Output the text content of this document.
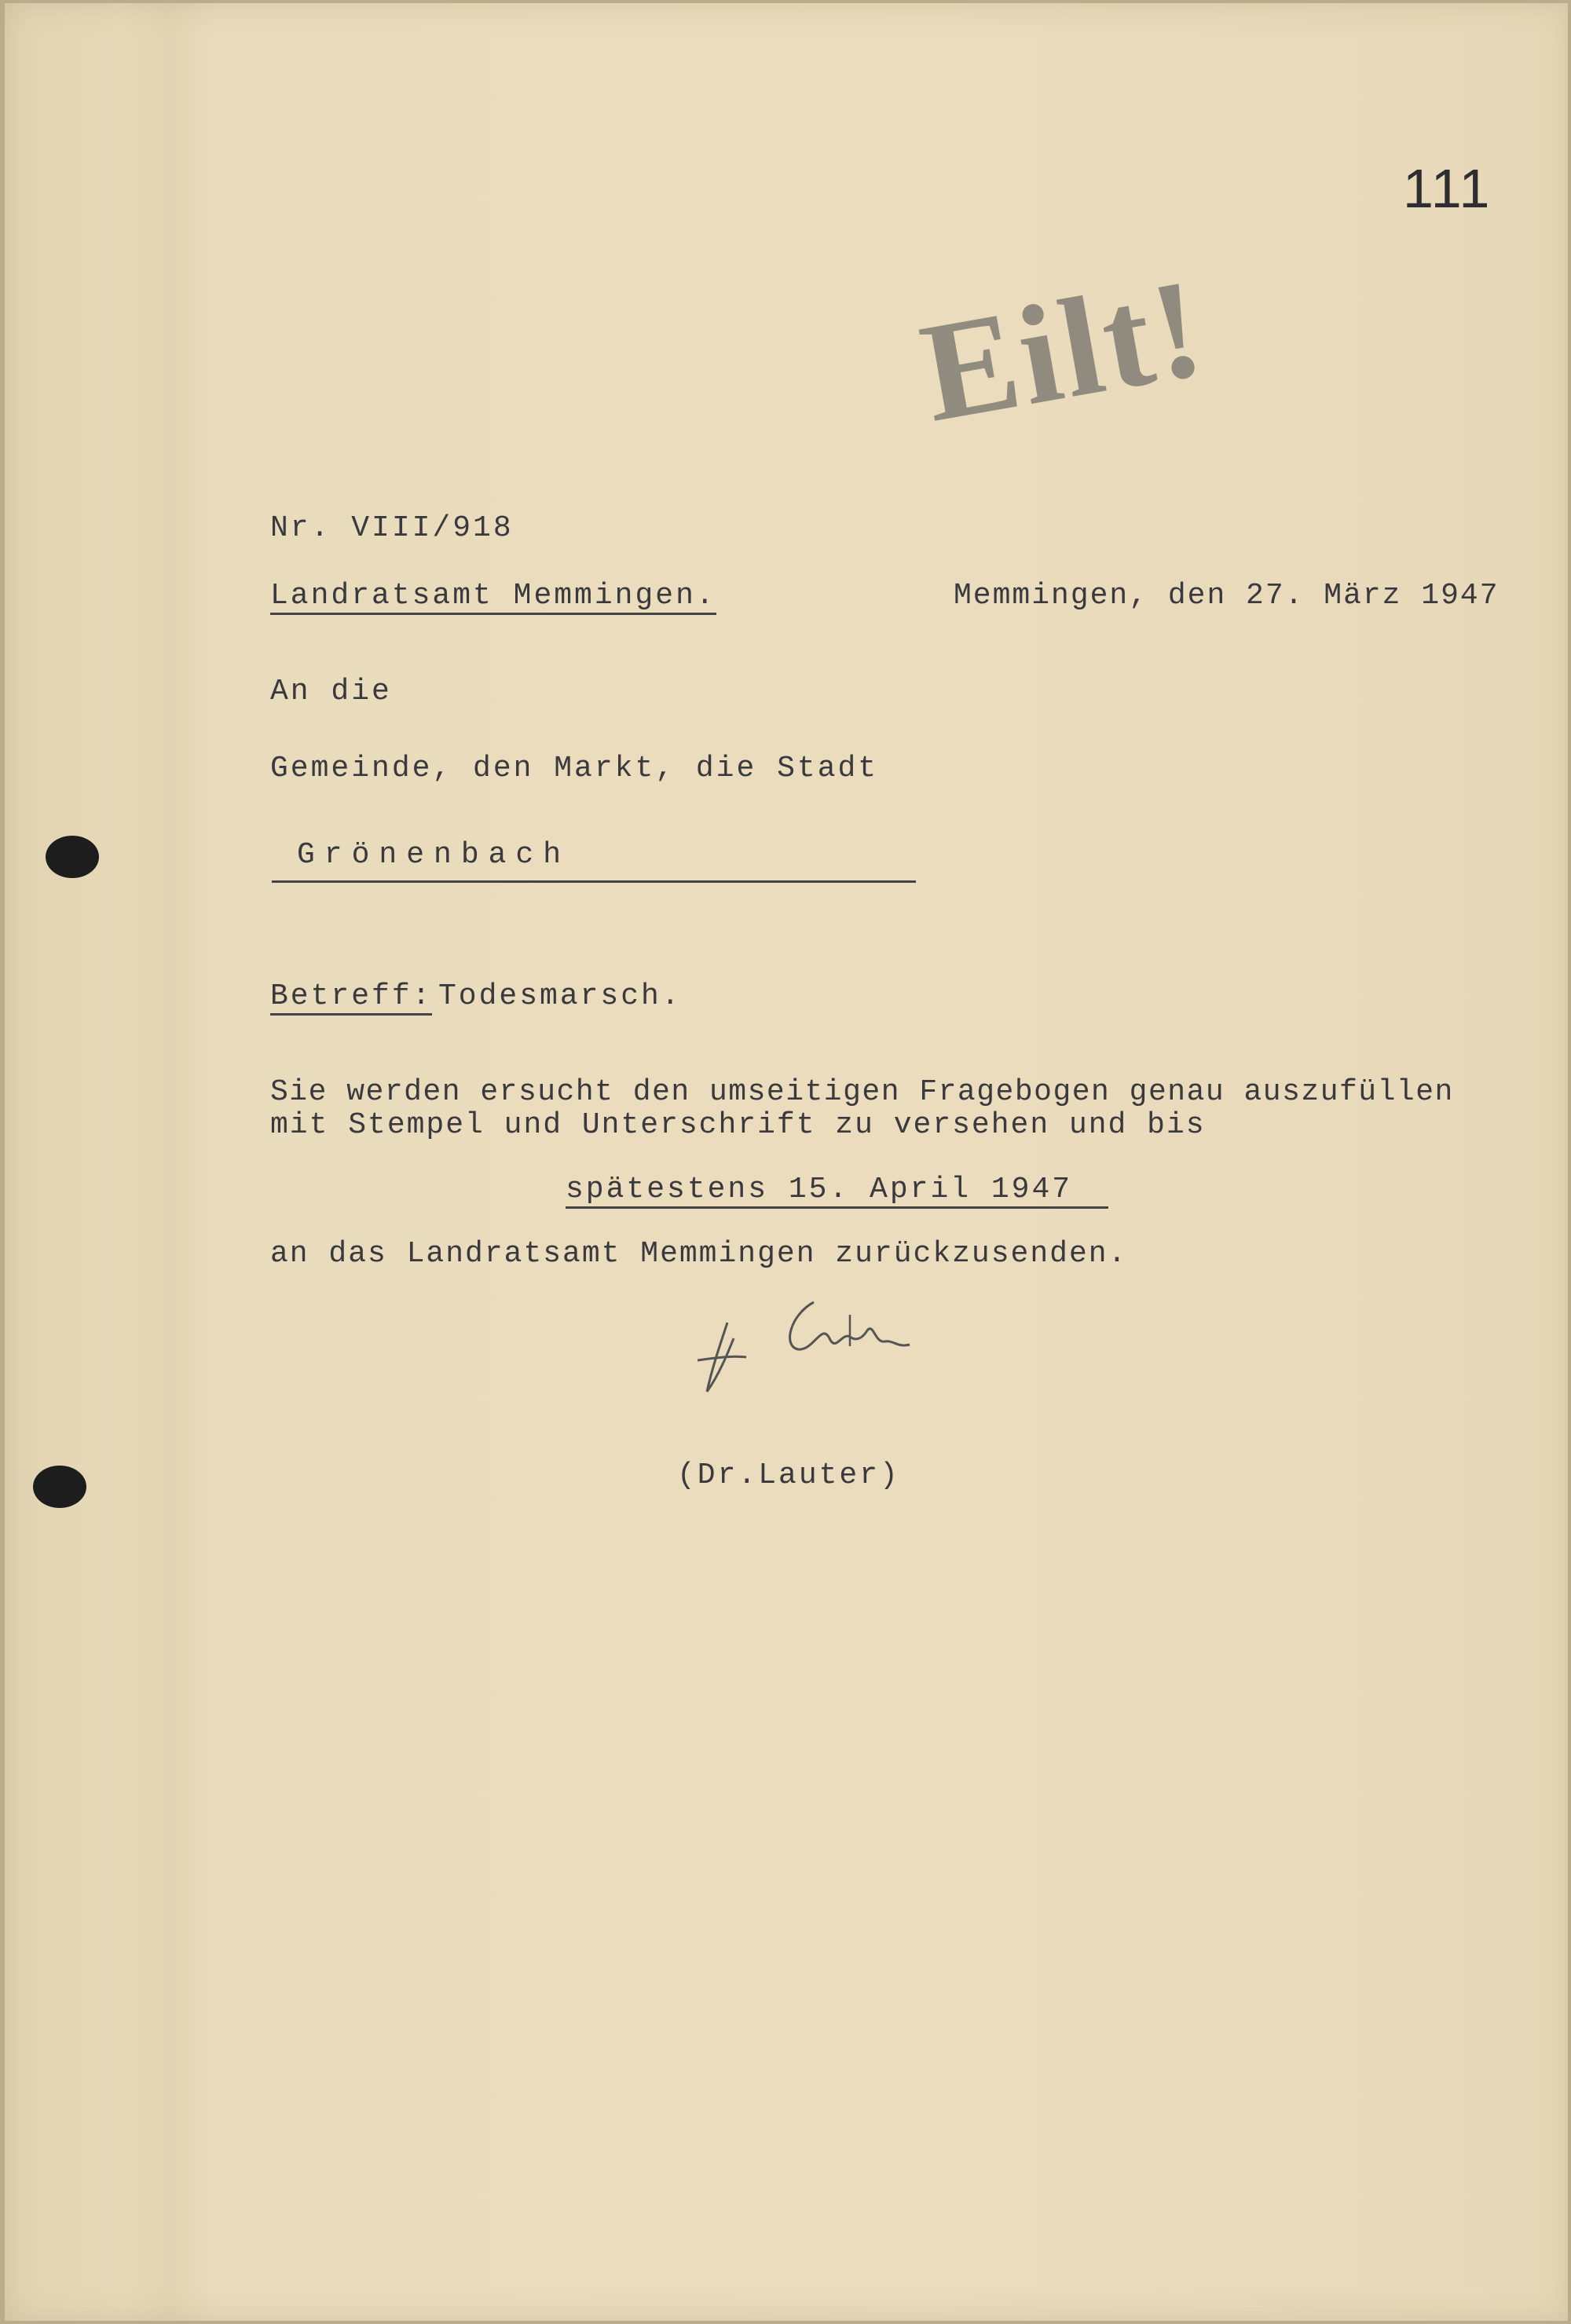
111
Eilt!
Nr. VIII/918
Landratsamt Memmingen.	Memmingen, den 27. März 1947
An die
Gemeinde, den Markt, die Stadt
Grönenbach
Betreff: Todesmarsch.
Sie werden ersucht den umseitigen Fragebogen genau auszufüllen
mit Stempel und Unterschrift zu versehen und bis
spätestens 15. April 1947
an das Landratsamt Memmingen zurückzusenden.
(Dr.Lauter)
